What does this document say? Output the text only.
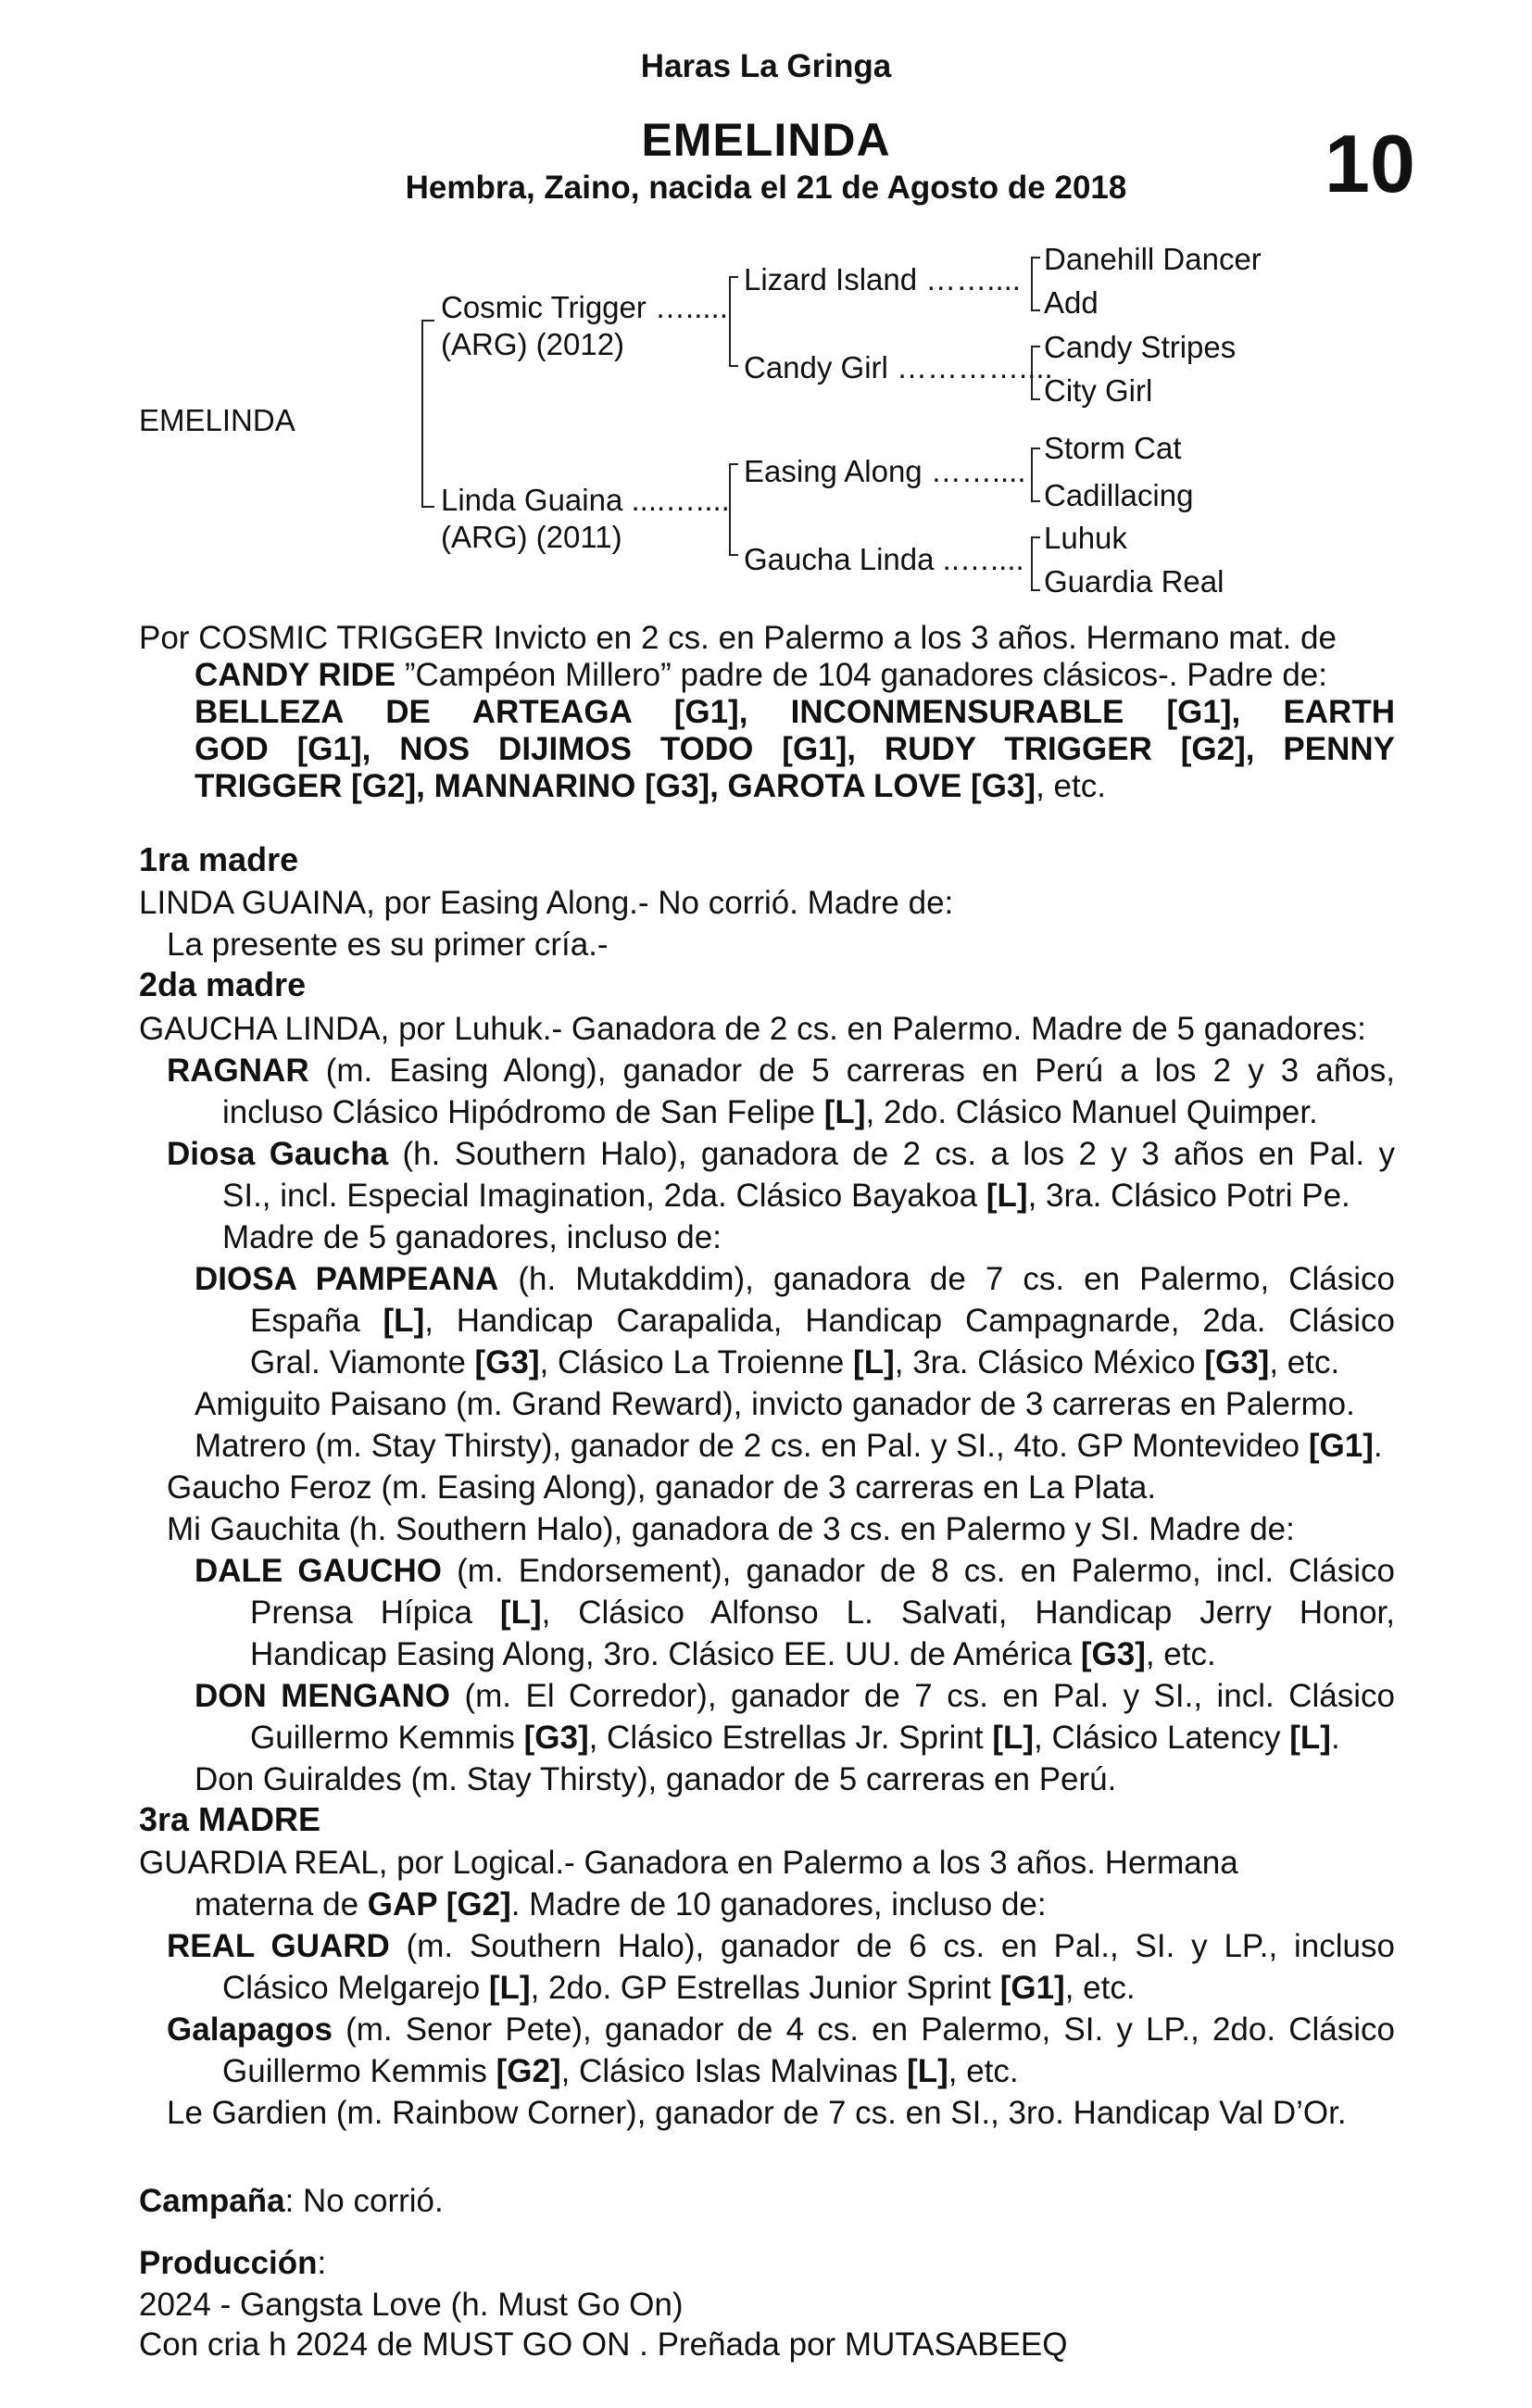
Haras La Gringa
EMELINDA
Hembra, Zaino, nacida el 21 de Agosto de 2018	10
EMELINDA
Cosmic Trigger ….....
(ARG) (2012)
Linda Guaina ....…....
(ARG) (2011)
Lizard Island ……....
Candy Girl …………....
Easing Along ……....
Gaucha Linda ..…....
Danehill Dancer
Add
Candy Stripes
City Girl
Storm Cat
Cadillacing
Luhuk
Guardia Real
Por COSMIC TRIGGER Invicto en 2 cs. en Palermo a los 3 años. Hermano mat. de
CANDY RIDE ”Campéon Millero” padre de 104 ganadores clásicos-. Padre de:
BELLEZA DE ARTEAGA [G1], INCONMENSURABLE [G1], EARTH
GOD [G1], NOS DIJIMOS TODO [G1], RUDY TRIGGER [G2], PENNY
TRIGGER [G2], MANNARINO [G3], GAROTA LOVE [G3], etc.
1ra madre
LINDA GUAINA, por Easing Along.- No corrió. Madre de:
La presente es su primer cría.-
2da madre
GAUCHA LINDA, por Luhuk.- Ganadora de 2 cs. en Palermo. Madre de 5 ganadores:
RAGNAR (m. Easing Along), ganador de 5 carreras en Perú a los 2 y 3 años,
incluso Clásico Hipódromo de San Felipe [L], 2do. Clásico Manuel Quimper.
Diosa Gaucha (h. Southern Halo), ganadora de 2 cs. a los 2 y 3 años en Pal. y
SI., incl. Especial Imagination, 2da. Clásico Bayakoa [L], 3ra. Clásico Potri Pe.
Madre de 5 ganadores, incluso de:
DIOSA PAMPEANA (h. Mutakddim), ganadora de 7 cs. en Palermo, Clásico
España [L], Handicap Carapalida, Handicap Campagnarde, 2da. Clásico
Gral. Viamonte [G3], Clásico La Troienne [L], 3ra. Clásico México [G3], etc.
Amiguito Paisano (m. Grand Reward), invicto ganador de 3 carreras en Palermo.
Matrero (m. Stay Thirsty), ganador de 2 cs. en Pal. y SI., 4to. GP Montevideo [G1].
Gaucho Feroz (m. Easing Along), ganador de 3 carreras en La Plata.
Mi Gauchita (h. Southern Halo), ganadora de 3 cs. en Palermo y SI. Madre de:
DALE GAUCHO (m. Endorsement), ganador de 8 cs. en Palermo, incl. Clásico
Prensa Hípica [L], Clásico Alfonso L. Salvati, Handicap Jerry Honor,
Handicap Easing Along, 3ro. Clásico EE. UU. de América [G3], etc.
DON MENGANO (m. El Corredor), ganador de 7 cs. en Pal. y SI., incl. Clásico
Guillermo Kemmis [G3], Clásico Estrellas Jr. Sprint [L], Clásico Latency [L].
Don Guiraldes (m. Stay Thirsty), ganador de 5 carreras en Perú.
3ra MADRE
GUARDIA REAL, por Logical.- Ganadora en Palermo a los 3 años. Hermana
materna de GAP [G2]. Madre de 10 ganadores, incluso de:
REAL GUARD (m. Southern Halo), ganador de 6 cs. en Pal., SI. y LP., incluso
Clásico Melgarejo [L], 2do. GP Estrellas Junior Sprint [G1], etc.
Galapagos (m. Senor Pete), ganador de 4 cs. en Palermo, SI. y LP., 2do. Clásico
Guillermo Kemmis [G2], Clásico Islas Malvinas [L], etc.
Le Gardien (m. Rainbow Corner), ganador de 7 cs. en SI., 3ro. Handicap Val D’Or.
Campaña: No corrió.
Producción:
2024 - Gangsta Love (h. Must Go On)
Con cria h 2024 de MUST GO ON . Preñada por MUTASABEEQ
